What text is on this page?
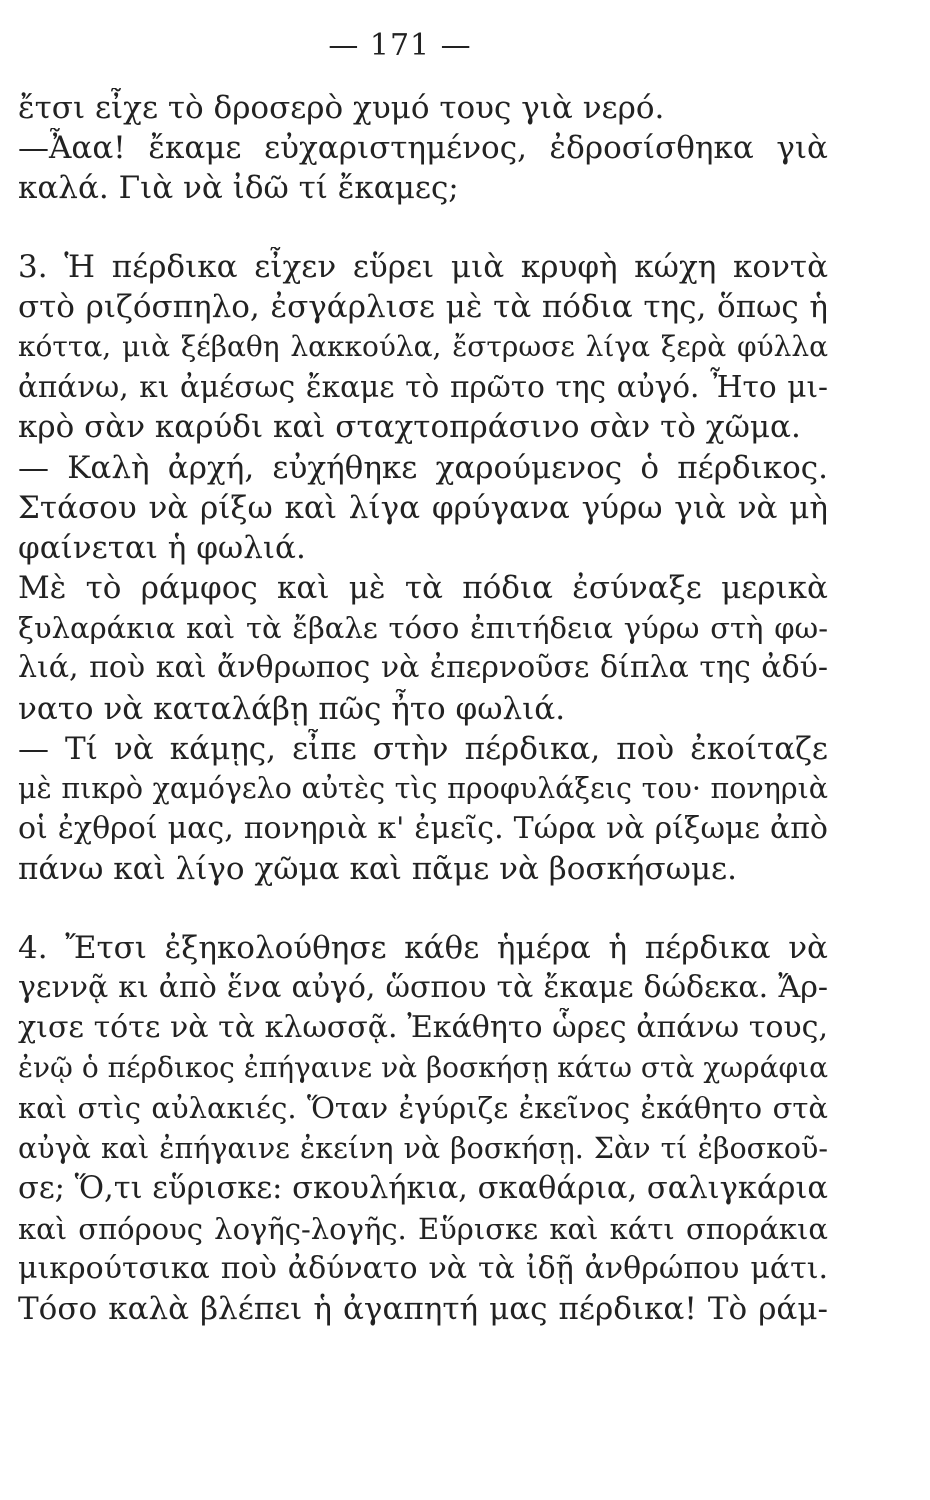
— 171 —
ἔτσι εἶχε τὸ δροσερὸ χυμό τους γιὰ νερό.
—Ἆαα! ἔκαμε εὐχαριστημένος, ἐδροσίσθηκα γιὰ
καλά. Γιὰ νὰ ἰδῶ τί ἔκαμες;
3. Ἡ πέρδικα εἶχεν εὕρει μιὰ κρυφὴ κώχη κοντὰ
στὸ ριζόσπηλο, ἐσγάρλισε μὲ τὰ πόδια της, ὅπως ἡ
κόττα, μιὰ ξέβαθη λακκούλα, ἔστρωσε λίγα ξερὰ φύλλα
ἀπάνω, κι ἀμέσως ἔκαμε τὸ πρῶτο της αὐγό. Ἦτο μι-
κρὸ σὰν καρύδι καὶ σταχτοπράσινο σὰν τὸ χῶμα.
— Καλὴ ἀρχή, εὐχήθηκε χαρούμενος ὁ πέρδικος.
Στάσου νὰ ρίξω καὶ λίγα φρύγανα γύρω γιὰ νὰ μὴ
φαίνεται ἡ φωλιά.
Μὲ τὸ ράμφος καὶ μὲ τὰ πόδια ἐσύναξε μερικὰ
ξυλαράκια καὶ τὰ ἔβαλε τόσο ἐπιτήδεια γύρω στὴ φω-
λιά, ποὺ καὶ ἄνθρωπος νὰ ἐπερνοῦσε δίπλα της ἀδύ-
νατο νὰ καταλάβῃ πῶς ἦτο φωλιά.
— Τί νὰ κάμῃς, εἶπε στὴν πέρδικα, ποὺ ἐκοίταζε
μὲ πικρὸ χαμόγελο αὐτὲς τὶς προφυλάξεις του· πονηριὰ
οἱ ἐχθροί μας, πονηριὰ κ' ἐμεῖς. Τώρα νὰ ρίξωμε ἀπὸ
πάνω καὶ λίγο χῶμα καὶ πᾶμε νὰ βοσκήσωμε.
4. Ἔτσι ἐξηκολούθησε κάθε ἡμέρα ἡ πέρδικα νὰ
γεννᾷ κι ἀπὸ ἕνα αὐγό, ὥσπου τὰ ἔκαμε δώδεκα. Ἄρ-
χισε τότε νὰ τὰ κλωσσᾷ. Ἐκάθητο ὧρες ἀπάνω τους,
ἐνῷ ὁ πέρδικος ἐπήγαινε νὰ βοσκήσῃ κάτω στὰ χωράφια
καὶ στὶς αὐλακιές. Ὅταν ἐγύριζε ἐκεῖνος ἐκάθητο στὰ
αὐγὰ καὶ ἐπήγαινε ἐκείνη νὰ βοσκήσῃ. Σὰν τί ἐβοσκοῦ-
σε; Ὅ,τι εὕρισκε: σκουλήκια, σκαθάρια, σαλιγκάρια
καὶ σπόρους λογῆς-λογῆς. Εὕρισκε καὶ κάτι σποράκια
μικρούτσικα ποὺ ἀδύνατο νὰ τὰ ἰδῇ ἀνθρώπου μάτι.
Τόσο καλὰ βλέπει ἡ ἀγαπητή μας πέρδικα! Τὸ ράμ-
